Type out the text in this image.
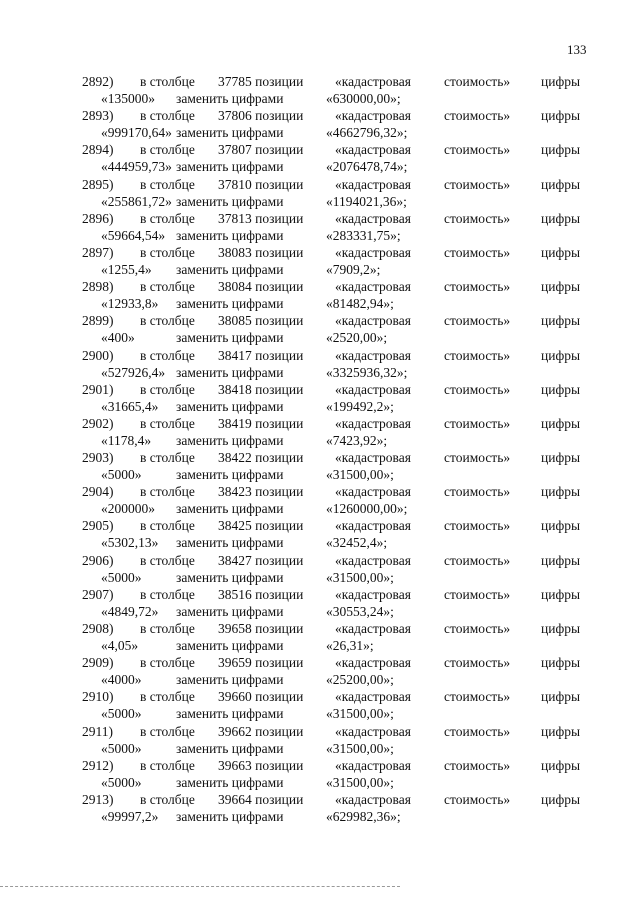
133
2892) в столбце 37785 позиции «кадастровая стоимость» цифры
«135000» заменить цифрами	«630000,00»;
2893) в столбце 37806 позиции «кадастровая стоимость» цифры
«999170,64» заменить цифрами	«4662796,32»;
2894) в столбце 37807 позиции «кадастровая стоимость» цифры
«444959,73» заменить цифрами	«2076478,74»;
2895) в столбце 37810 позиции «кадастровая стоимость» цифры
«255861,72» заменить цифрами	«1194021,36»;
2896) в столбце 37813 позиции «кадастровая стоимость» цифры
«59664,54» заменить цифрами	«283331,75»;
2897) в столбце 38083 позиции «кадастровая стоимость» цифры
«1255,4» заменить цифрами	«7909,2»;
2898) в столбце 38084 позиции «кадастровая стоимость» цифры
«12933,8» заменить цифрами	«81482,94»;
2899) в столбце 38085 позиции «кадастровая стоимость» цифры
«400»	заменить цифрами	«2520,00»;
2900) в столбце 38417 позиции «кадастровая стоимость» цифры
«527926,4» заменить цифрами	«3325936,32»;
2901) в столбце 38418 позиции «кадастровая стоимость» цифры
«31665,4» заменить цифрами	«199492,2»;
2902) в столбце 38419 позиции «кадастровая стоимость» цифры
«1178,4» заменить цифрами	«7423,92»;
2903) в столбце 38422 позиции «кадастровая стоимость» цифры
«5000»	заменить цифрами	«31500,00»;
2904) в столбце 38423 позиции «кадастровая стоимость» цифры
«200000» заменить цифрами	«1260000,00»;
2905) в столбце 38425 позиции «кадастровая стоимость» цифры
«5302,13» заменить цифрами	«32452,4»;
2906) в столбце 38427 позиции «кадастровая стоимость» цифры
«5000»	заменить цифрами	«31500,00»;
2907) в столбце 38516 позиции «кадастровая стоимость» цифры
«4849,72» заменить цифрами	«30553,24»;
2908) в столбце 39658 позиции «кадастровая стоимость» цифры
«4,05»	заменить цифрами	«26,31»;
2909) в столбце 39659 позиции «кадастровая стоимость» цифры
«4000»	заменить цифрами	«25200,00»;
2910) в столбце 39660 позиции «кадастровая стоимость» цифры
«5000»	заменить цифрами	«31500,00»;
2911) в столбце 39662 позиции «кадастровая стоимость» цифры
«5000»	заменить цифрами	«31500,00»;
2912) в столбце 39663 позиции «кадастровая стоимость» цифры
«5000»	заменить цифрами	«31500,00»;
2913) в столбце 39664 позиции «кадастровая стоимость» цифры
«99997,2» заменить цифрами	«629982,36»;
